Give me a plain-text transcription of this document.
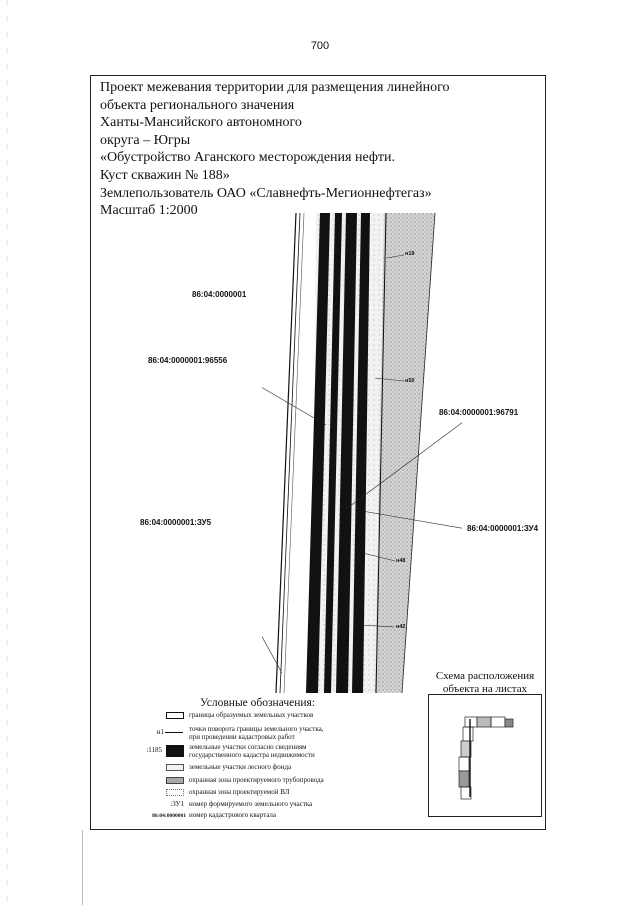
700
Проект межевания территории для размещения линейного
объекта регионального значения
Ханты-Мансийского автономного
округа – Югры
«Обустройство Аганского месторождения нефти.
Куст скважин № 188»
Землепользователь ОАО «Славнефть-Мегионнефтегаз»
Масштаб 1:2000
86:04:0000001
86:04:0000001:96556
86:04:0000001:96791
86:04:0000001:ЗУ5
86:04:0000001:ЗУ4
н19
н50
н48
н42
Схема расположения
объекта на листах
Условные обозначения:
границы образуемых земельных участков
н1	точки поворота границы земельного участка,
при проведении кадастровых работ
:1185	земельные участки согласно сведениям
государственного кадастра недвижимости
земельные участки лесного фонда
охранная зона проектируемого трубопровода
охранная зона проектируемой ВЛ
:ЗУ1 номер формируемого земельного участка
86:04:0000001 номер кадастрового квартала
